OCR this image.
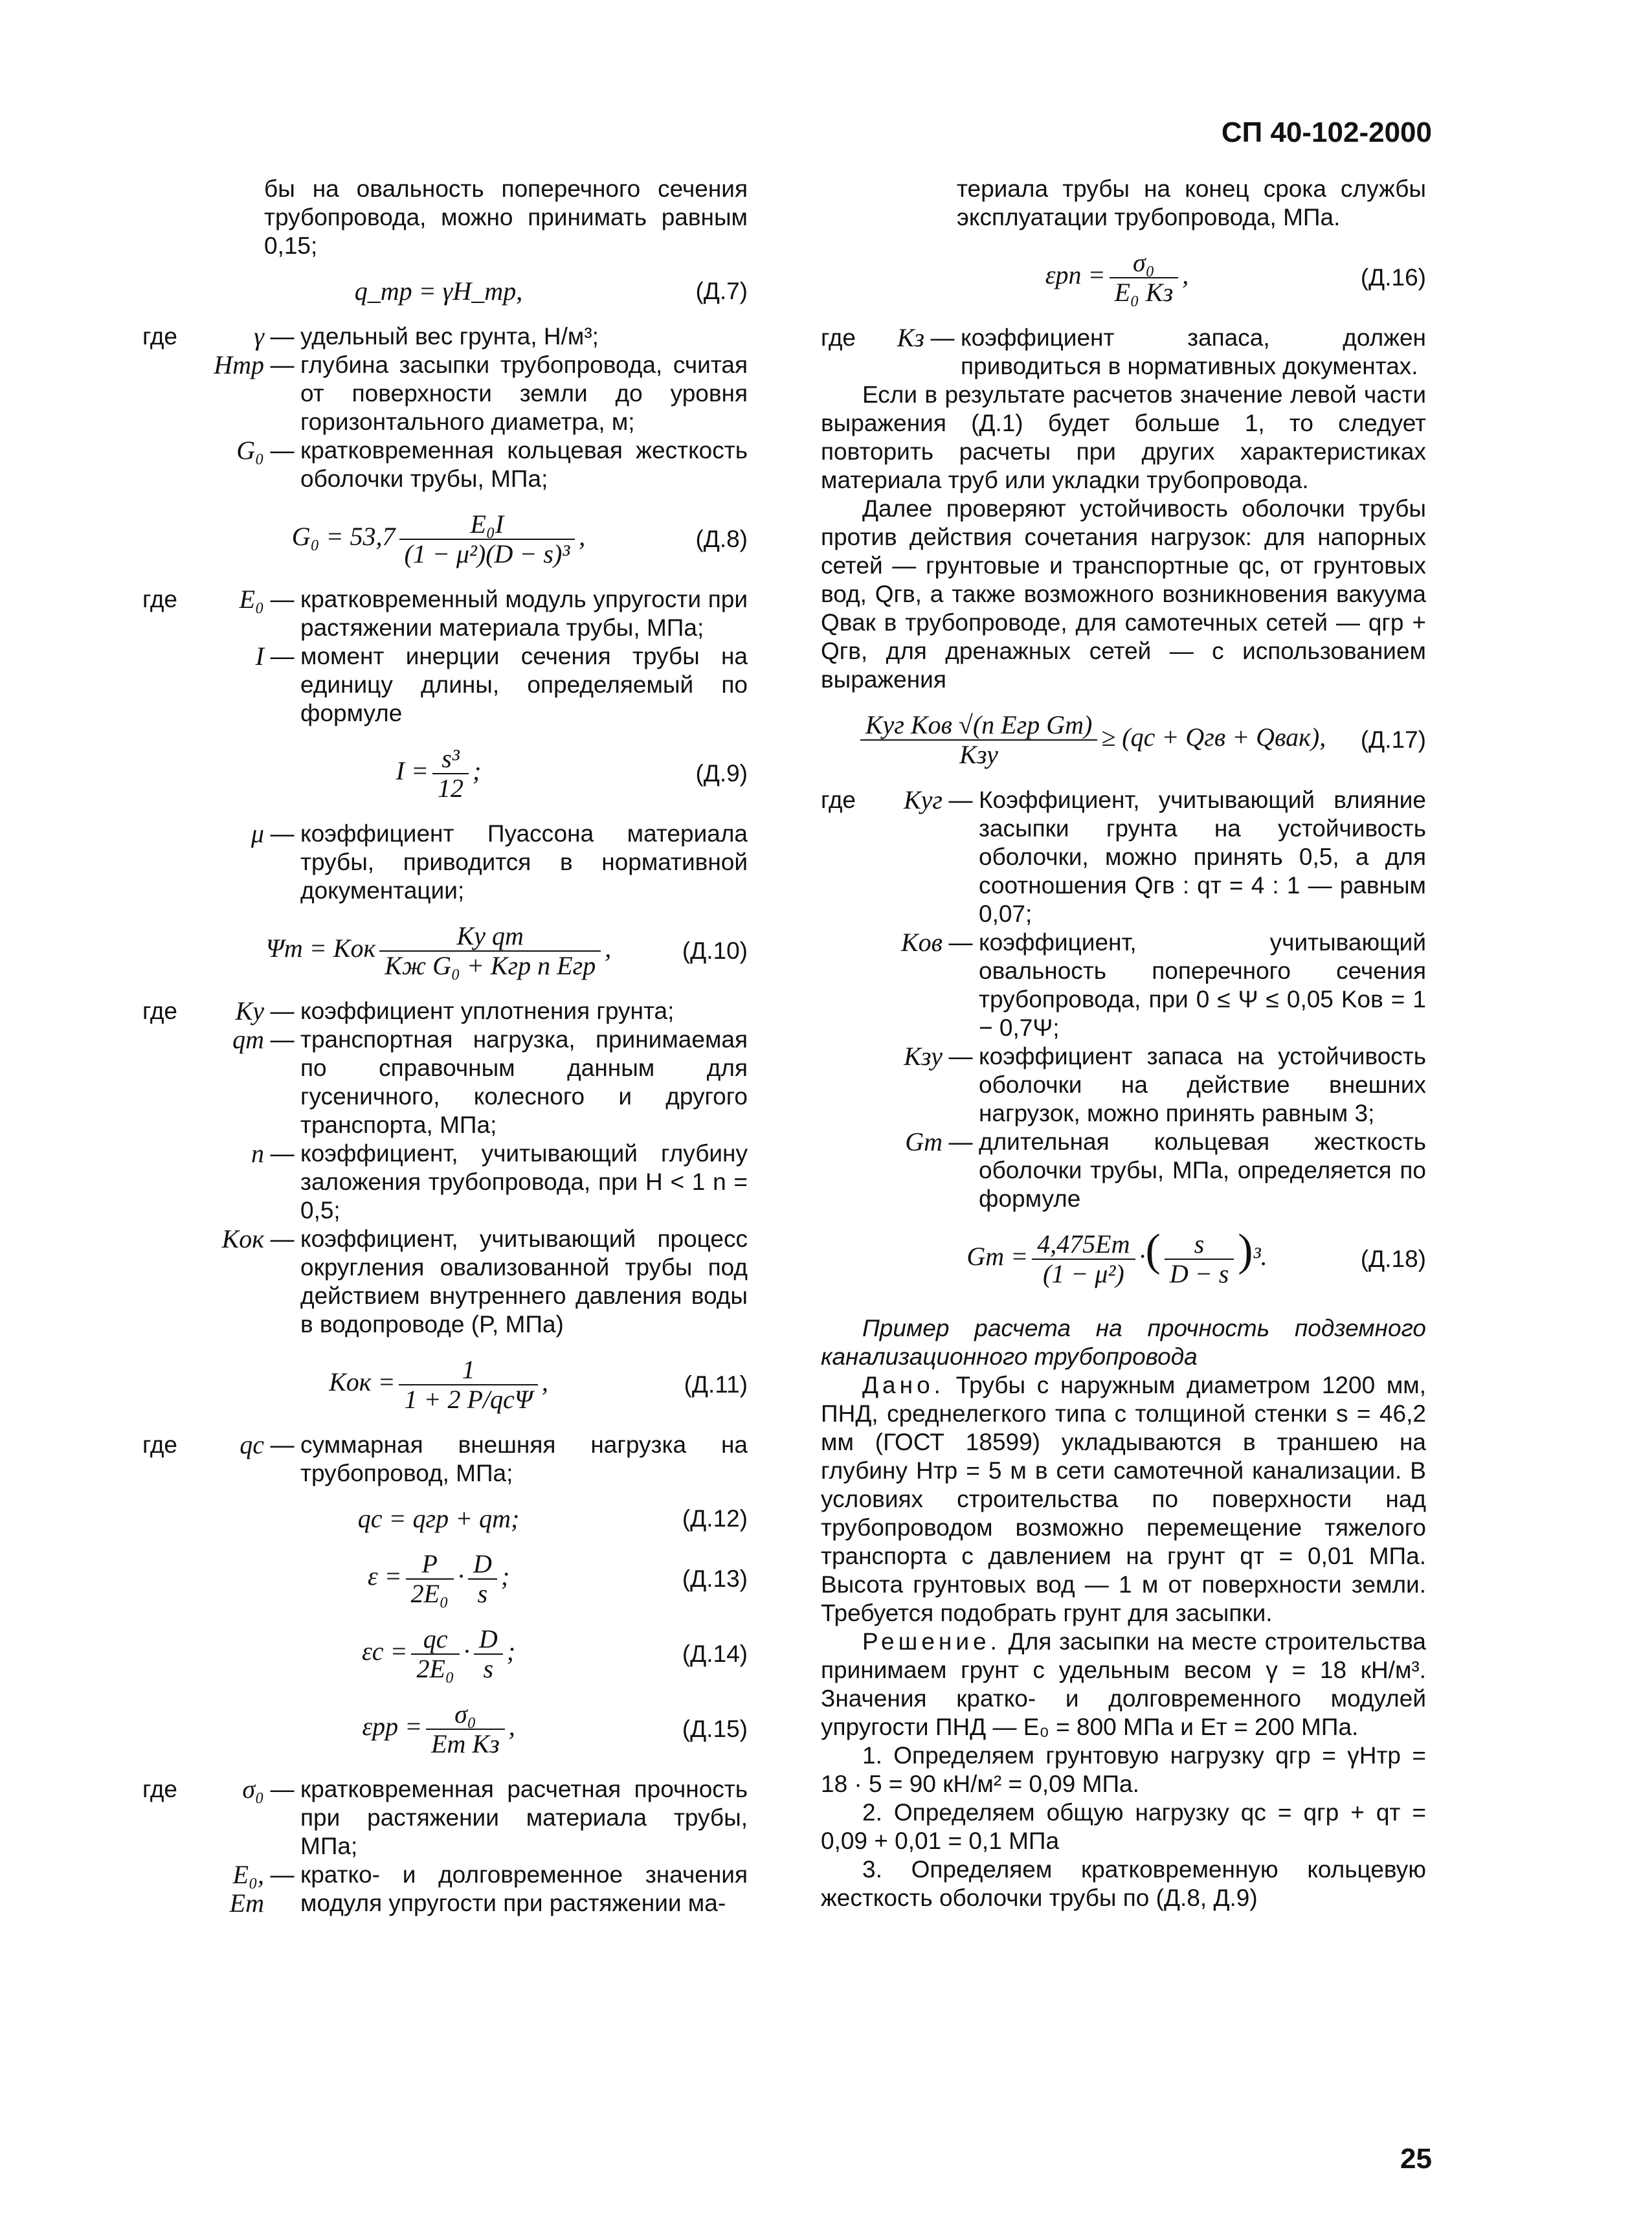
СП 40-102-2000

бы на овальность поперечного сечения трубопровода, можно принимать равным 0,15;

q_тр = γH_тр,	(Д.7)
где	γ — удельный вес грунта, Н/м³;
Hтр — глубина засыпки трубопровода, считая от поверхности земли до уровня горизонтального диаметра, м;
G₀ — кратковременная кольцевая жесткость оболочки трубы, МПа;
$G_0 = 53,7 \frac{\text{E₀I}}{\text{(1 − μ²)(D − s)³}}$ ,	(Д.8)
где	E₀ — кратковременный модуль упругости при растяжении материала трубы, МПа;
I — момент инерции сечения трубы на единицу длины, определяемый по формуле
$I = \frac{\text{s³}}{12}$ ;	(Д.9)
μ — коэффициент Пуассона материала трубы, приводится в нормативной документации;
Ψт = Kок $\frac{\text{Kу qт}}{\text{Kж G₀ + Kгр n Eгр}}$ ,	(Д.10)
где	Kу — коэффициент уплотнения грунта;
qт — транспортная нагрузка, принимаемая по справочным данным для гусеничного, колесного и другого транспорта, МПа;
n — коэффициент, учитывающий глубину заложения трубопровода, при H < 1 n = 0,5;
Kок — коэффициент, учитывающий процесс округления овализованной трубы под действием внутреннего давления воды в водопроводе (P, МПа)
Kок = $\frac{1}{\text{1 + 2 P/qсΨ}}$ ,	(Д.11)
где	qс — суммарная внешняя нагрузка на трубопровод, МПа;
qс = qгр + qт;	(Д.12)
$\varepsilon = \frac{P}{\text{2E₀}} \cdot \frac{D}{s}$ ;	(Д.13)
$\varepsilon с = \frac{qс}{\text{2E₀}} \cdot \frac{D}{s}$ ;	(Д.14)
$\varepsilon рр = \frac{\text{σ₀}}{\text{Eт Kз}}$ ,	(Д.15)
где	σ₀ — кратковременная расчетная прочность при растяжении материала трубы, МПа;
E₀, Eт
— кратко- и долговременное значения модуля упругости при растяжении ма-

териала трубы на конец срока службы эксплуатации трубопровода, МПа.

$\varepsilon рп = \frac{\text{σ₀}}{\text{E₀ Kз}}$ ,	(Д.16)
где	Kз — коэффициент запаса, должен приводиться в нормативных документах.

Если в результате расчетов значение левой части выражения (Д.1) будет больше 1, то следует повторить расчеты при других характеристиках материала труб или укладки трубопровода.

Далее проверяют устойчивость оболочки трубы против действия сочетания нагрузок: для напорных сетей — грунтовые и транспортные qс, от грунтовых вод, Qгв, а также возможного возникновения вакуума Qвак в трубопроводе, для самотечных сетей — qгр + Qгв, для дренажных сетей — с использованием выражения

$\frac{\text{Kуг Kов √(n Eгр Gт)}}{\text{Kзу}} \ge (qс$ + Qгв + Qвак),	(Д.17)
где	Kуг — Коэффициент, учитывающий влияние засыпки грунта на устойчивость оболочки, можно принять 0,5, а для соотношения Qгв : qт = 4 : 1 — равным 0,07;
Kов — коэффициент, учитывающий овальность поперечного сечения трубопровода, при 0 ≤ Ψ ≤ 0,05 Kов = 1 − 0,7Ψ;
Kзу — коэффициент запаса на устойчивость оболочки на действие внешних нагрузок, можно принять равным 3;
Gт — длительная кольцевая жесткость оболочки трубы, МПа, определяется по формуле
Gт = $\frac{4,475Eт}{\text{(1 − μ²)}}$ ·( $\frac{s}{D - s} )^3$.	(Д.18)

Пример расчета на прочность подземного канализационного трубопровода

Дано. Трубы с наружным диаметром 1200 мм, ПНД, среднелегкого типа с толщиной стенки s = 46,2 мм (ГОСТ 18599) укладываются в траншею на глубину Hтр = 5 м в сети самотечной канализации. В условиях строительства по поверхности над трубопроводом возможно перемещение тяжелого транспорта с давлением на грунт qт = 0,01 МПа. Высота грунтовых вод — 1 м от поверхности земли. Требуется подобрать грунт для засыпки.

Решение. Для засыпки на месте строительства принимаем грунт с удельным весом γ = 18 кН/м³. Значения кратко- и долговременного модулей упругости ПНД — E₀ = 800 МПа и Eт = 200 МПа.

1. Определяем грунтовую нагрузку qгр = γHтр = 18 · 5 = 90 кН/м² = 0,09 МПа.

2. Определяем общую нагрузку qс = qгр + qт = 0,09 + 0,01 = 0,1 МПа

3. Определяем кратковременную кольцевую жесткость оболочки трубы по (Д.8, Д.9)

25
